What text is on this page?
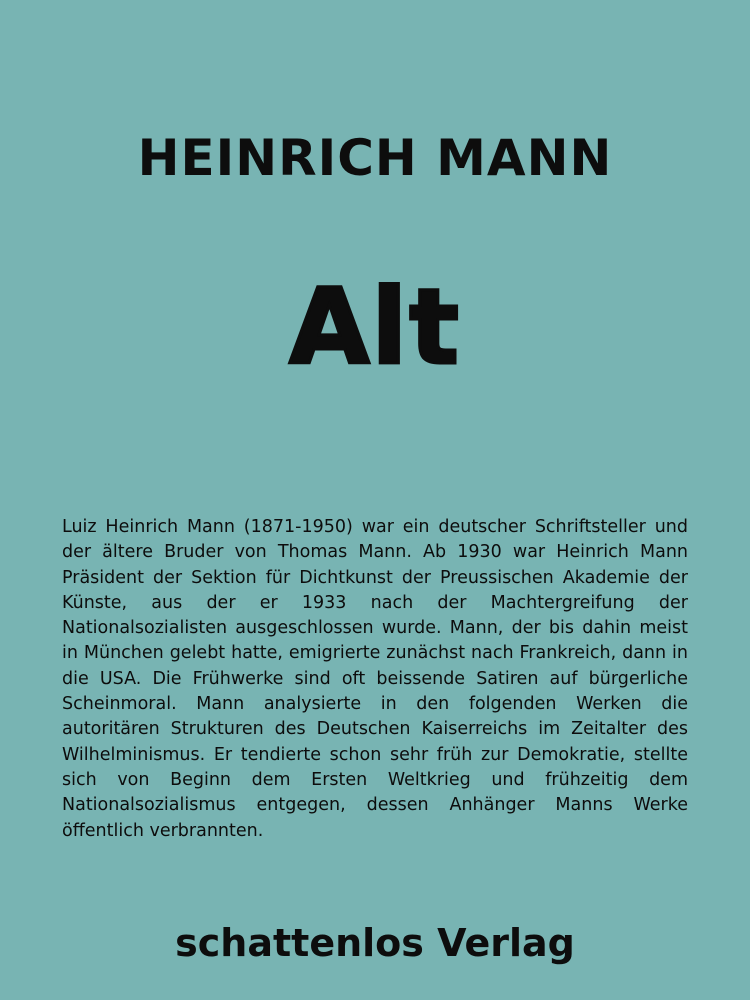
HEINRICH MANN
Alt

Luiz Heinrich Mann (1871-1950) war ein deutscher Schriftsteller und der ältere Bruder von Thomas Mann. Ab 1930 war Heinrich Mann Präsident der Sektion für Dichtkunst der Preussischen Akademie der Künste, aus der er 1933 nach der Machtergreifung der Nationalsozialisten ausgeschlossen wurde. Mann, der bis dahin meist in München gelebt hatte, emigrierte zunächst nach Frankreich, dann in die USA. Die Frühwerke sind oft beissende Satiren auf bürgerliche Scheinmoral. Mann analysierte in den folgenden Werken die autoritären Strukturen des Deutschen Kaiserreichs im Zeitalter des Wilhelminismus. Er tendierte schon sehr früh zur Demokratie, stellte sich von Beginn dem Ersten Weltkrieg und frühzeitig dem Nationalsozialismus entgegen, dessen Anhänger Manns Werke öffentlich verbrannten.

schattenlos Verlag
